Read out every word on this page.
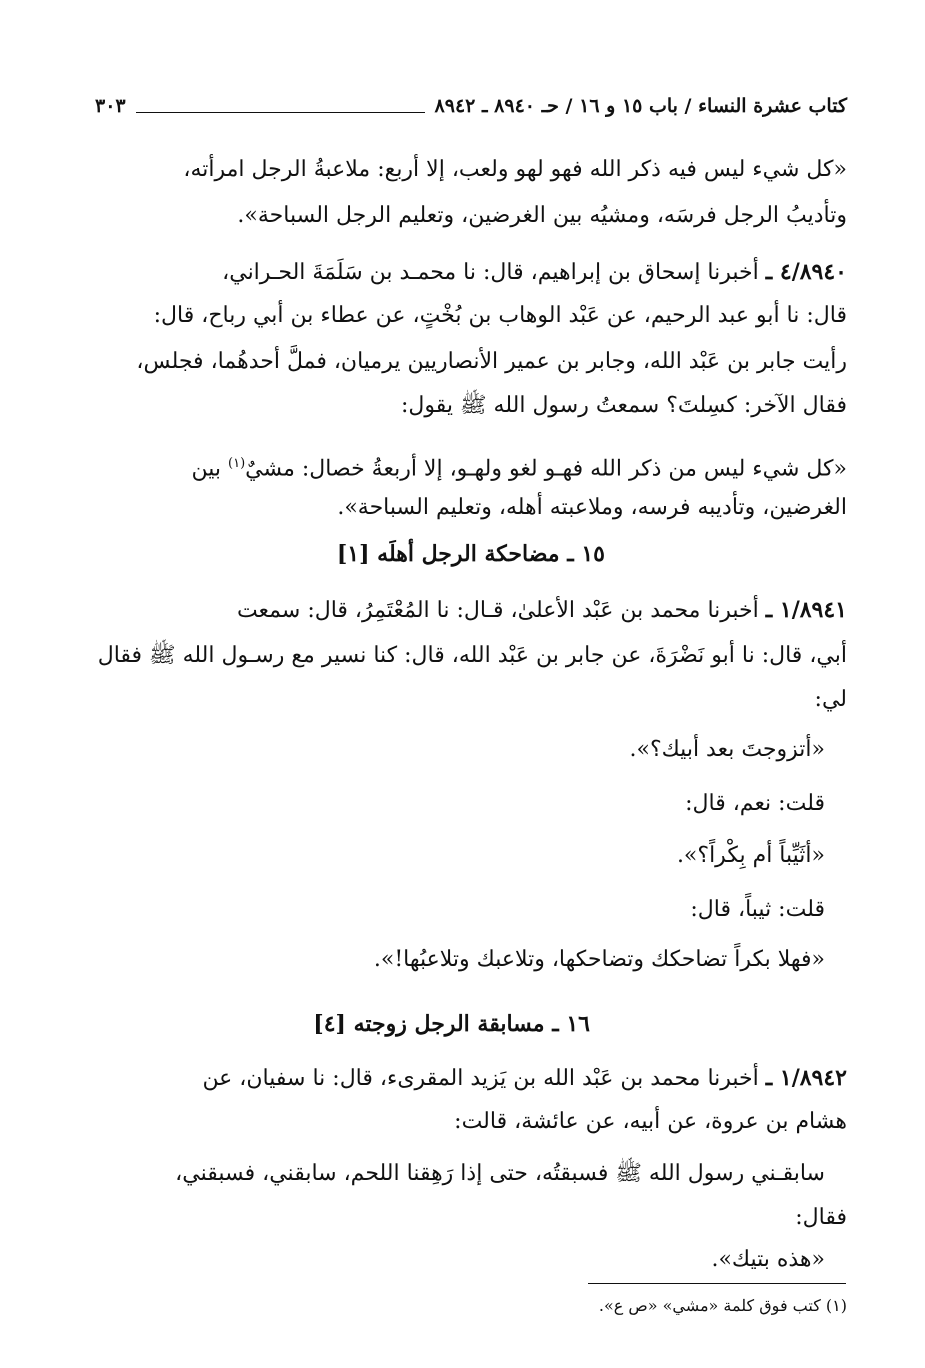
كتاب عشرة النساء / باب ١٥ و ١٦ / حـ ٨٩٤٠ ـ ٨٩٤٢
٣٠٣
«كل شيء ليس فيه ذكر الله فهو لهو ولعب، إلا أربع: ملاعبةُ الرجل امرأته،
وتأديبُ الرجل فرسَه، ومشيُه بين الغرضين، وتعليم الرجل السباحة».
٤/٨٩٤٠ ـ أخبرنا إسحاق بن إبراهيم، قال: نا محمـد بن سَلَمَةَ الحـراني،
قال: نا أبو عبد الرحيم، عن عَبْد الوهاب بن بُخْتٍ، عن عطاء بن أبي رباح، قال:
رأيت جابر بن عَبْد الله، وجابر بن عمير الأنصاريين يرميان، فملَّ أحدهُما، فجلس،
فقال الآخر: كسِلتَ؟ سمعتُ رسول الله ﷺ يقول:
«كل شيء ليس من ذكر الله فهـو لغو ولهـو، إلا أربعةُ خصال: مشيٌ$^{(١)}$ بين
الغرضين، وتأديبه فرسه، وملاعبته أهله، وتعليم السباحة».
١٥ ـ مضاحكة الرجل أهلَه [١]
١/٨٩٤١ ـ أخبرنا محمد بن عَبْد الأعلىٰ، قـال: نا المُعْتَمِرُ، قال: سمعت
أبي، قال: نا أبو نَضْرَةَ، عن جابر بن عَبْد الله، قال: كنا نسير مع رسـول الله ﷺ فقال
لي:
«أتزوجتَ بعد أبيك؟».
قلت: نعم، قال:
«أثَيِّباً أم بِكْراً؟».
قلت: ثيباً، قال:
«فهلا بكراً تضاحكك وتضاحكها، وتلاعبك وتلاعبُها!».
١٦ ـ مسابقة الرجل زوجته [٤]
١/٨٩٤٢ ـ أخبرنا محمد بن عَبْد الله بن يَزيد المقرىء، قال: نا سفيان، عن
هشام بن عروة، عن أبيه، عن عائشة، قالت:
سابقـني رسول الله ﷺ فسبقتُه، حتى إذا رَهِقنا اللحم، سابقني، فسبقني،
فقال:
«هذه بتيك».
(١) كتب فوق كلمة «مشي» «ص ع».
